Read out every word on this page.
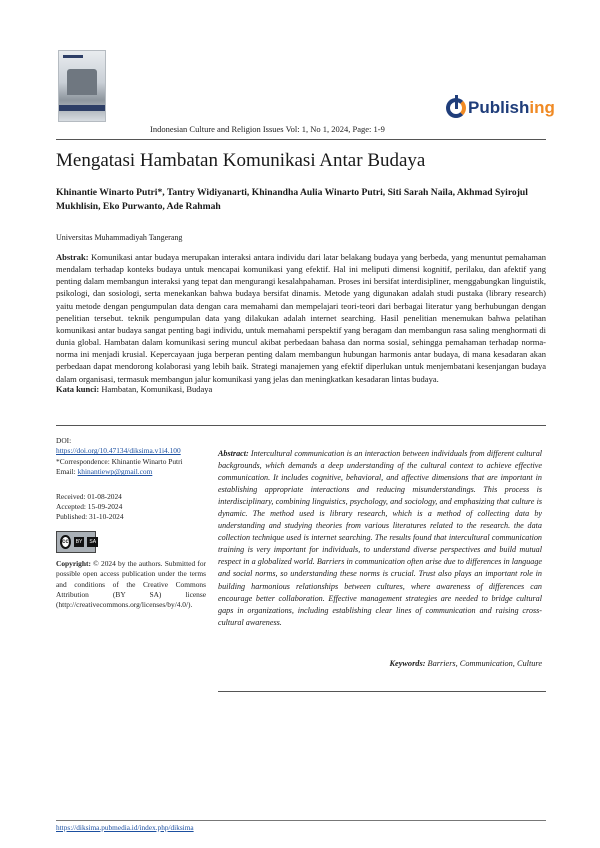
Publishing
Indonesian Culture and Religion Issues Vol: 1, No 1, 2024, Page: 1-9
Mengatasi Hambatan Komunikasi Antar Budaya
Khinantie Winarto Putri*, Tantry Widiyanarti, Khinandha Aulia Winarto Putri, Siti Sarah Naila, Akhmad Syirojul Mukhlisin, Eko Purwanto, Ade Rahmah
Universitas Muhammadiyah Tangerang

Abstrak: Komunikasi antar budaya merupakan interaksi antara individu dari latar belakang budaya yang berbeda, yang menuntut pemahaman mendalam terhadap konteks budaya untuk mencapai komunikasi yang efektif. Hal ini meliputi dimensi kognitif, perilaku, dan afektif yang penting dalam membangun interaksi yang tepat dan mengurangi kesalahpahaman. Proses ini bersifat interdisipliner, menggabungkan linguistik, psikologi, dan sosiologi, serta menekankan bahwa budaya bersifat dinamis. Metode yang digunakan adalah studi pustaka (library research) yaitu metode dengan pengumpulan data dengan cara memahami dan mempelajari teori-teori dari berbagai literatur yang berhubungan dengan penelitian tersebut. teknik pengumpulan data yang dilakukan adalah internet searching. Hasil penelitian menemukan bahwa pelatihan komunikasi antar budaya sangat penting bagi individu, untuk memahami perspektif yang beragam dan membangun rasa saling menghormati di dunia global. Hambatan dalam komunikasi sering muncul akibat perbedaan bahasa dan norma sosial, sehingga pemahaman terhadap norma-norma ini menjadi krusial. Kepercayaan juga berperan penting dalam membangun hubungan harmonis antar budaya, di mana kesadaran akan perbedaan dapat mendorong kolaborasi yang lebih baik. Strategi manajemen yang efektif diperlukan untuk menjembatani kesenjangan budaya dalam organisasi, termasuk membangun jalur komunikasi yang jelas dan meningkatkan kesadaran lintas budaya.

Kata kunci: Hambatan, Komunikasi, Budaya
DOI:
https://doi.org/10.47134/diksima.v1i4.100
*Correspondence: Khinantie Winarto Putri
Email: khinantiewp@gmail.com
Received: 01-08-2024
Accepted: 15-09-2024
Published: 31-10-2024
cc	BY	SA
Copyright: © 2024 by the authors. Submitted for possible open access publication under the terms and conditions of the Creative Commons Attribution (BY SA) license (http://creativecommons.org/licenses/by/4.0/).

Abstract: Intercultural communication is an interaction between individuals from different cultural backgrounds, which demands a deep understanding of the cultural context to achieve effective communication. It includes cognitive, behavioral, and affective dimensions that are important in establishing appropriate interactions and reducing misunderstandings. This process is interdisciplinary, combining linguistics, psychology, and sociology, and emphasizing that culture is dynamic. The method used is library research, which is a method of collecting data by understanding and studying theories from various literatures related to the research. the data collection technique used is internet searching. The results found that intercultural communication training is very important for individuals, to understand diverse perspectives and build mutual respect in a globalized world. Barriers in communication often arise due to differences in language and social norms, so understanding these norms is crucial. Trust also plays an important role in building harmonious relationships between cultures, where awareness of differences can encourage better collaboration. Effective management strategies are needed to bridge cultural gaps in organizations, including establishing clear lines of communication and raising cross-cultural awareness.

Keywords: Barriers, Communication, Culture
https://diksima.pubmedia.id/index.php/diksima
